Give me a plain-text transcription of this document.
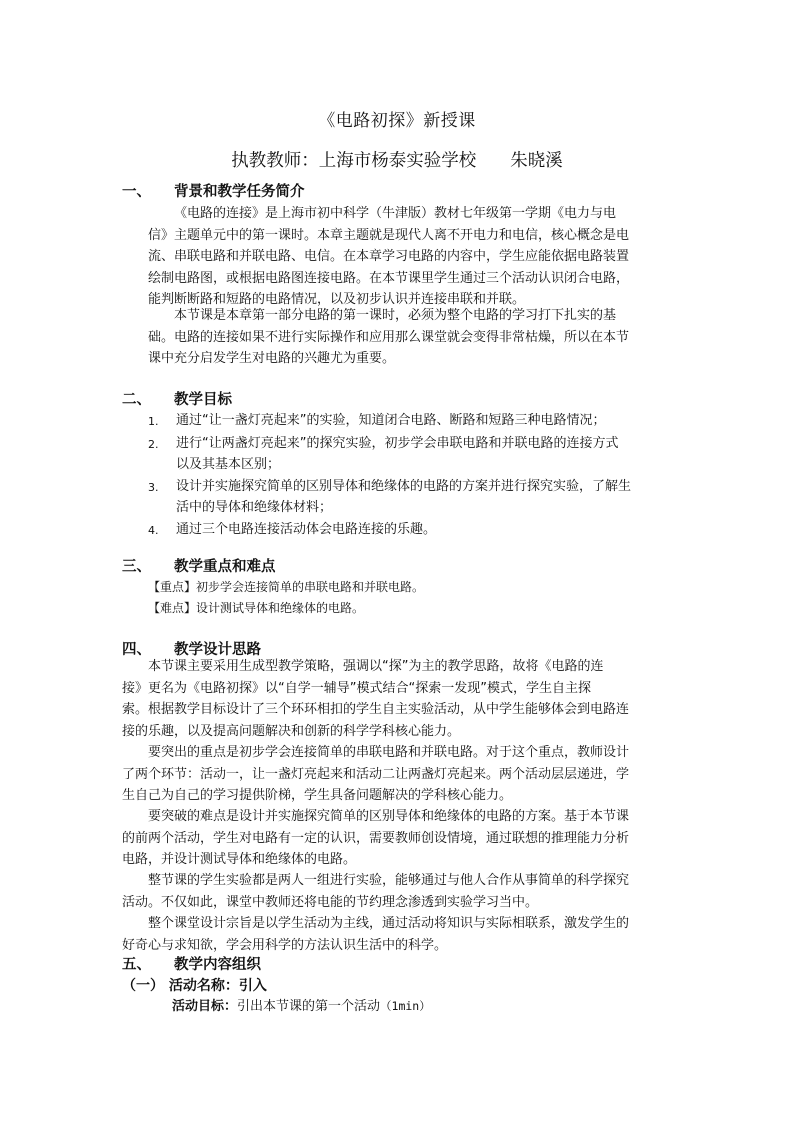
《电路初探》新授课
执教教师：上海市杨泰实验学校 朱晓溪
一、 背景和教学任务简介
《电路的连接》是上海市初中科学（牛津版）教材七年级第一学期《电力与电
信》主题单元中的第一课时。本章主题就是现代人离不开电力和电信，核心概念是电
流、串联电路和并联电路、电信。在本章学习电路的内容中，学生应能依据电路装置
绘制电路图，或根据电路图连接电路。在本节课里学生通过三个活动认识闭合电路，
能判断断路和短路的电路情况，以及初步认识并连接串联和并联。
本节课是本章第一部分电路的第一课时，必须为整个电路的学习打下扎实的基
础。电路的连接如果不进行实际操作和应用那么课堂就会变得非常枯燥，所以在本节
课中充分启发学生对电路的兴趣尤为重要。
二、 教学目标
1.	通过“让一盏灯亮起来”的实验，知道闭合电路、断路和短路三种电路情况；
2.	进行“让两盏灯亮起来”的探究实验，初步学会串联电路和并联电路的连接方式
以及其基本区别；
3.	设计并实施探究简单的区别导体和绝缘体的电路的方案并进行探究实验，了解生
活中的导体和绝缘体材料；
4.	通过三个电路连接活动体会电路连接的乐趣。
三、 教学重点和难点
【重点】初步学会连接简单的串联电路和并联电路。
【难点】设计测试导体和绝缘体的电路。
四、 教学设计思路
本节课主要采用生成型教学策略，强调以“探”为主的教学思路，故将《电路的连
接》更名为《电路初探》以“自学一辅导”模式结合“探索一发现”模式，学生自主探
索。根据教学目标设计了三个环环相扣的学生自主实验活动，从中学生能够体会到电路连
接的乐趣，以及提高问题解决和创新的科学学科核心能力。
要突出的重点是初步学会连接简单的串联电路和并联电路。对于这个重点，教师设计
了两个环节：活动一，让一盏灯亮起来和活动二让两盏灯亮起来。两个活动层层递进，学
生自己为自己的学习提供阶梯，学生具备问题解决的学科核心能力。
要突破的难点是设计并实施探究简单的区别导体和绝缘体的电路的方案。基于本节课
的前两个活动，学生对电路有一定的认识，需要教师创设情境，通过联想的推理能力分析
电路，并设计测试导体和绝缘体的电路。
整节课的学生实验都是两人一组进行实验，能够通过与他人合作从事简单的科学探究
活动。不仅如此，课堂中教师还将电能的节约理念渗透到实验学习当中。
整个课堂设计宗旨是以学生活动为主线，通过活动将知识与实际相联系，激发学生的
好奇心与求知欲，学会用科学的方法认识生活中的科学。
五、 教学内容组织
（一） 活动名称：引入
活动目标：引出本节课的第一个活动（1min）
